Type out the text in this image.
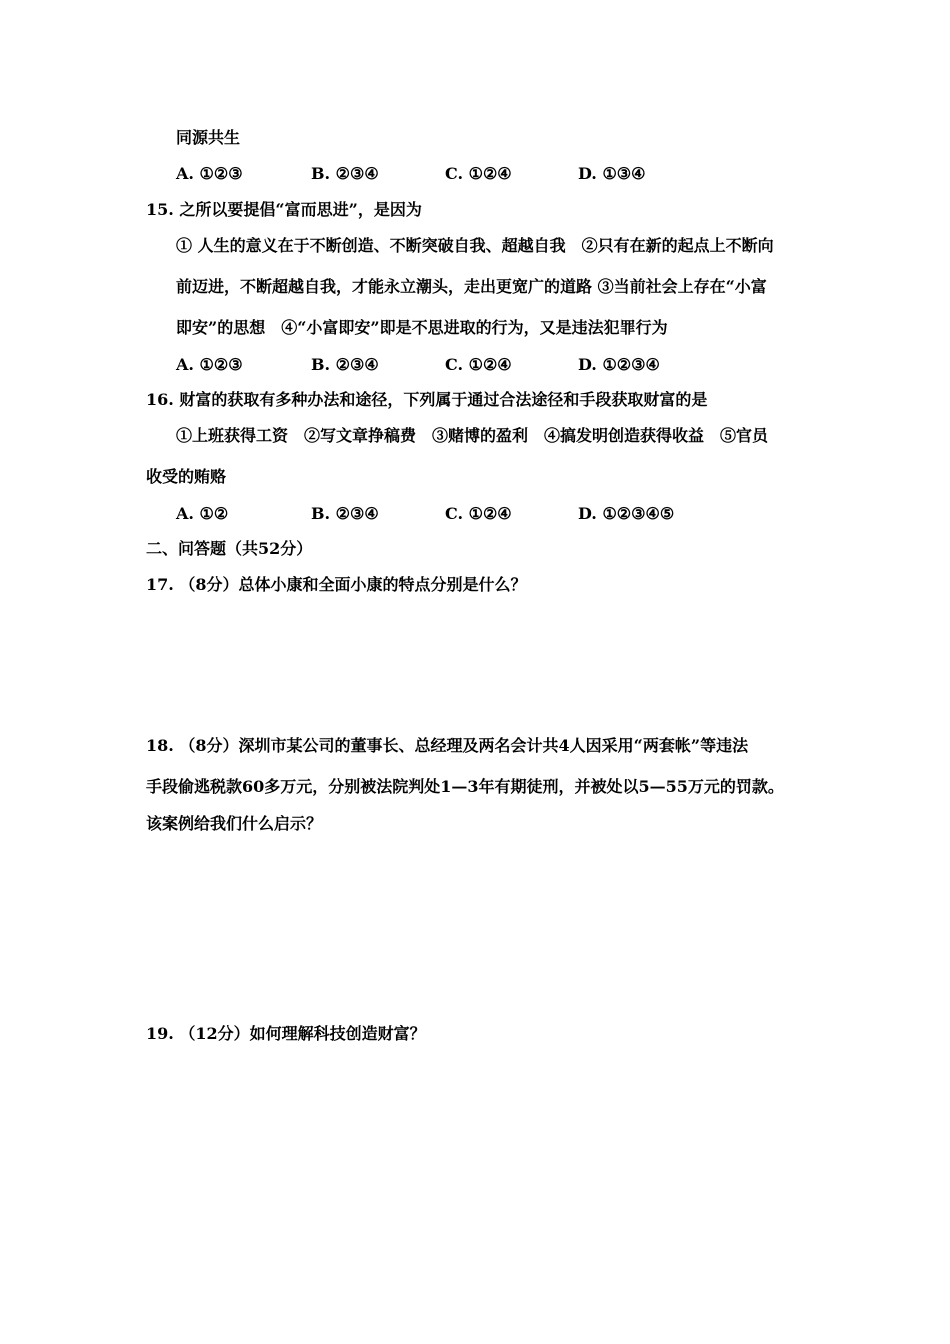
同源共生
A. ①②③	B. ②③④	C. ①②④	D. ①③④
15. 之所以要提倡“富而思进”，是因为
① 人生的意义在于不断创造、不断突破自我、超越自我　②只有在新的起点上不断向
前迈进，不断超越自我，才能永立潮头，走出更宽广的道路 ③当前社会上存在“小富
即安”的思想　④“小富即安”即是不思进取的行为，又是违法犯罪行为
A. ①②③	B. ②③④	C. ①②④	D. ①②③④
16. 财富的获取有多种办法和途径，下列属于通过合法途径和手段获取财富的是
①上班获得工资　②写文章挣稿费　③赌博的盈利　④搞发明创造获得收益　⑤官员
收受的贿赂
A. ①②	B. ②③④	C. ①②④	D. ①②③④⑤
二、问答题（共52分）
17. （8分）总体小康和全面小康的特点分别是什么？
18. （8分）深圳市某公司的董事长、总经理及两名会计共4人因采用“两套帐”等违法
手段偷逃税款60多万元，分别被法院判处1—3年有期徒刑，并被处以5—55万元的罚款。
该案例给我们什么启示？
19. （12分）如何理解科技创造财富？
